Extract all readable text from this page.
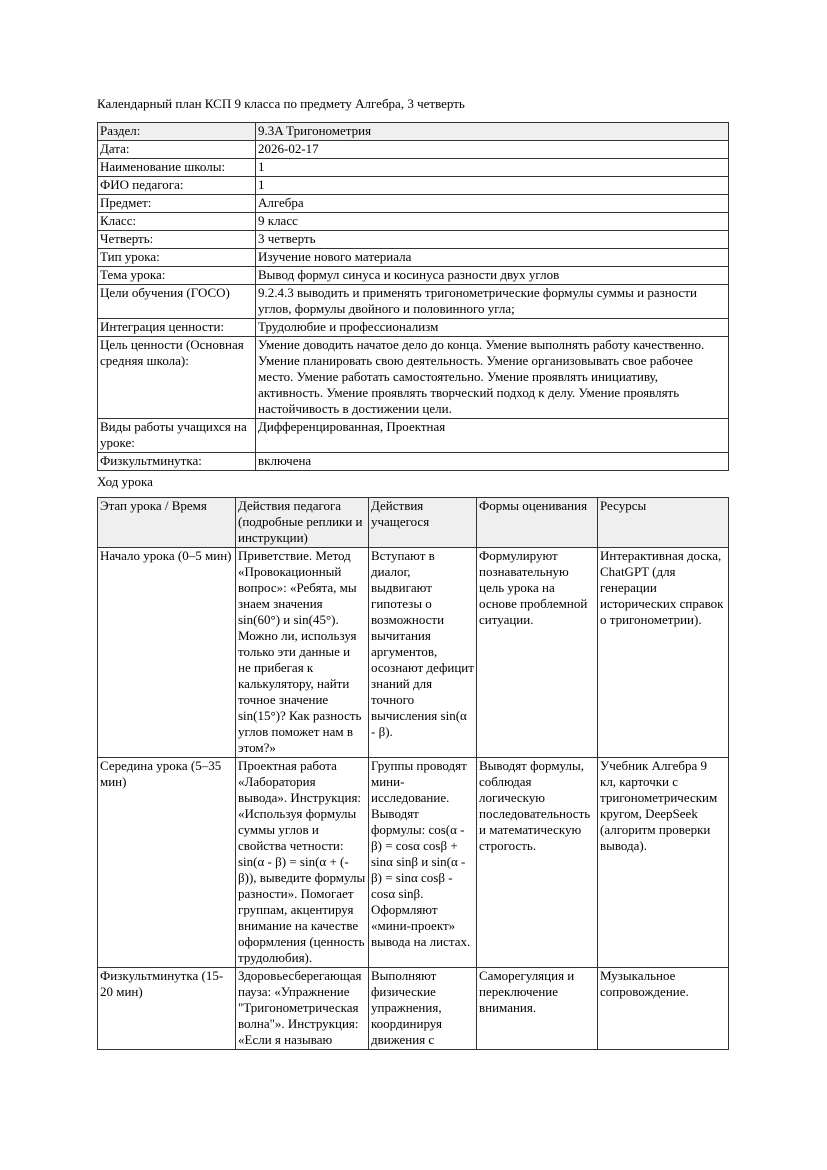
Календарный план КСП 9 класса по предмету Алгебра, 3 четверть

Раздел:	9.3A Тригонометрия
Дата:	2026-02-17
Наименование школы:	1
ФИО педагога:	1
Предмет:	Алгебра
Класс:	9 класс
Четверть:	3 четверть
Тип урока:	Изучение нового материала
Тема урока:	Вывод формул синуса и косинуса разности двух углов
Цели обучения (ГОСО)	9.2.4.3 выводить и применять тригонометрические формулы суммы и разности углов, формулы двойного и половинного угла;
Интеграция ценности:	Трудолюбие и профессионализм
Цель ценности (Основная средняя школа):	Умение доводить начатое дело до конца. Умение выполнять работу качественно. Умение планировать свою деятельность. Умение организовывать свое рабочее место. Умение работать самостоятельно. Умение проявлять инициативу, активность. Умение проявлять творческий подход к делу. Умение проявлять настойчивость в достижении цели.
Виды работы учащихся на уроке:	Дифференцированная, Проектная
Физкультминутка:	включена

Ход урока

Этап урока / Время	Действия педагога (подробные реплики и инструкции)	Действия учащегося	Формы оценивания	Ресурсы
Начало урока (0–5 мин)	Приветствие. Метод «Провокационный вопрос»: «Ребята, мы знаем значения sin(60°) и sin(45°). Можно ли, используя только эти данные и не прибегая к калькулятору, найти точное значение sin(15°)? Как разность углов поможет нам в этом?»	Вступают в диалог, выдвигают гипотезы о возможности вычитания аргументов, осознают дефицит знаний для точного вычисления sin(α - β).	Формулируют познавательную цель урока на основе проблемной ситуации.	Интерактивная доска, ChatGPT (для генерации исторических справок о тригонометрии).
Середина урока (5–35 мин)	Проектная работа «Лаборатория вывода». Инструкция: «Используя формулы суммы углов и свойства четности: sin(α - β) = sin(α + (-β)), выведите формулы разности». Помогает группам, акцентируя внимание на качестве оформления (ценность трудолюбия).	Группы проводят мини-исследование. Выводят формулы: cos(α - β) = cosα cosβ + sinα sinβ и sin(α - β) = sinα cosβ - cosα sinβ. Оформляют «мини-проект» вывода на листах.	Выводят формулы, соблюдая логическую последовательность и математическую строгость.	Учебник Алгебра 9 кл, карточки с тригонометрическим кругом, DeepSeek (алгоритм проверки вывода).
Физкультминутка (15-20 мин)	Здоровьесберегающая пауза: «Упражнение "Тригонометрическая волна"». Инструкция: «Если я называю	Выполняют физические упражнения, координируя движения с	Саморегуляция и переключение внимания.	Музыкальное сопровождение.
